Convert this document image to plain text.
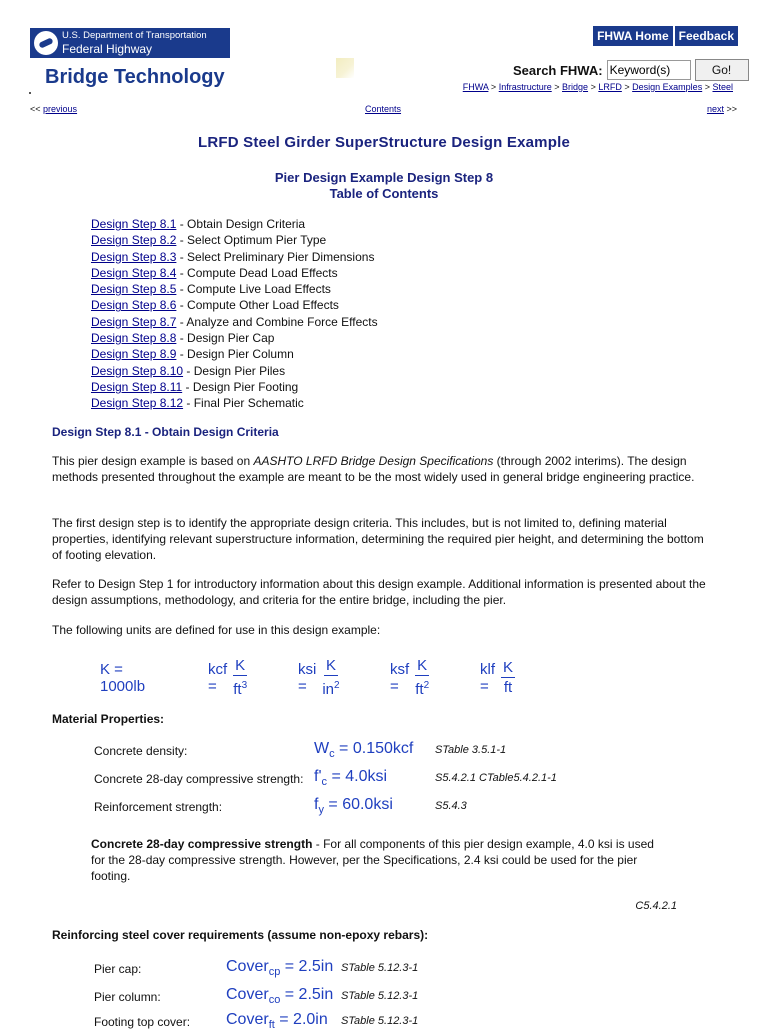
U.S. Department of Transportation
Federal Highway Administration
Bridge Technology
FHWA Home Feedback
Search FHWA:
Keyword(s)	Go!
FHWA > Infrastructure > Bridge > LRFD > Design Examples > Steel
<< previous	Contents	next >>
LRFD Steel Girder SuperStructure Design Example
Pier Design Example Design Step 8
Table of Contents
Design Step 8.1 - Obtain Design Criteria
Design Step 8.2 - Select Optimum Pier Type
Design Step 8.3 - Select Preliminary Pier Dimensions
Design Step 8.4 - Compute Dead Load Effects
Design Step 8.5 - Compute Live Load Effects
Design Step 8.6 - Compute Other Load Effects
Design Step 8.7 - Analyze and Combine Force Effects
Design Step 8.8 - Design Pier Cap
Design Step 8.9 - Design Pier Column
Design Step 8.10 - Design Pier Piles
Design Step 8.11 - Design Pier Footing
Design Step 8.12 - Final Pier Schematic
Design Step 8.1 - Obtain Design Criteria
This pier design example is based on AASHTO LRFD Bridge Design Specifications (through 2002 interims). The design methods presented throughout the example are meant to be the most widely used in general bridge engineering practice.
The first design step is to identify the appropriate design criteria. This includes, but is not limited to, defining material properties, identifying relevant superstructure information, determining the required pier height, and determining the bottom of footing elevation.
Refer to Design Step 1 for introductory information about this design example. Additional information is presented about the design assumptions, methodology, and criteria for the entire bridge, including the pier.
The following units are defined for use in this design example:
K = 1000lb
kcf =	$\frac{K}{ft^3}$	ksi =	$\frac{K}{in^2}$	ksf =	$\frac{K}{ft^2}$	klf = $\frac{K}{ft}$
Material Properties:
Concrete density:	$W_c = 0.150kcf$ STable 3.5.1-1
Concrete 28-day compressive strength: $f'_c = 4.0ksi$	S5.4.2.1 CTable5.4.2.1-1
Reinforcement strength:	$f_y = 60.0ksi$	S5.4.3
Concrete 28-day compressive strength - For all components of this pier design example, 4.0 ksi is used for the 28-day compressive strength. However, per the Specifications, 2.4 ksi could be used for the pier footing.
C5.4.2.1
Reinforcing steel cover requirements (assume non-epoxy rebars):
Pier cap:	Cover$_{cp}$ = 2.5in STable 5.12.3-1
Pier column:	Cover$_{co}$ = 2.5in STable 5.12.3-1
Footing top cover: Cover$_{ft}$ = 2.0in STable 5.12.3-1
